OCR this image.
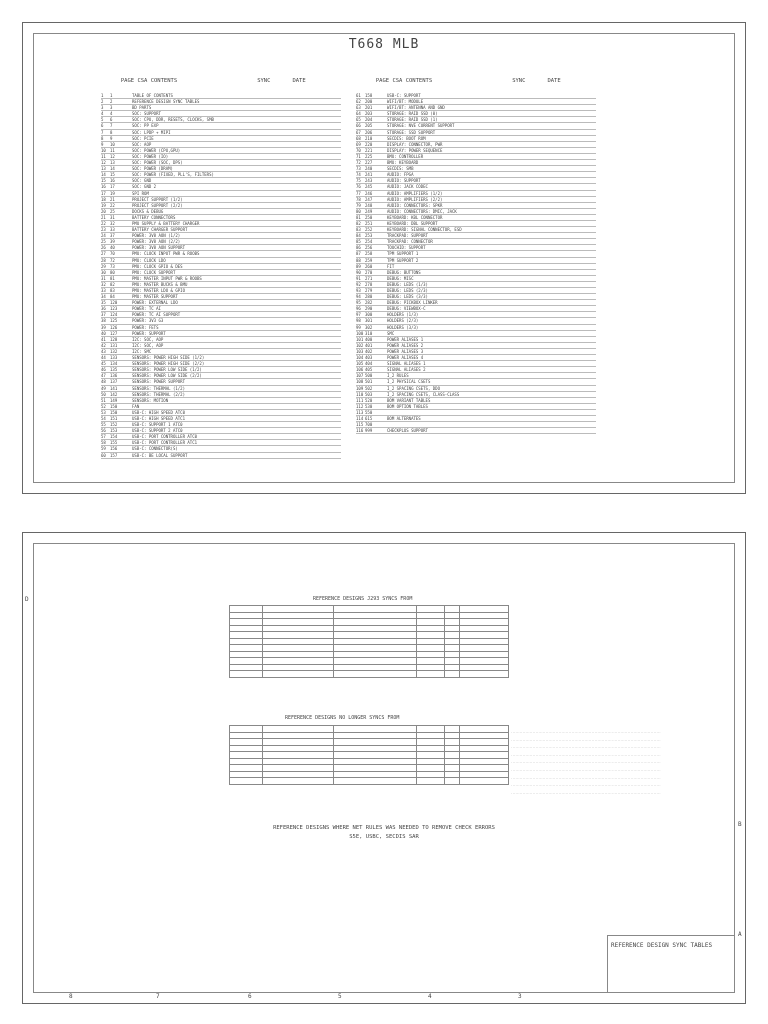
T668 MLB

PAGE CSA CONTENTS	SYNC	DATE

1	1	TABLE OF CONTENTS
2	2	REFERENCE DESIGN SYNC TABLES
3	3	BD PARTS
4	4	SOC: SUPPORT
5	6	SOC: CPU, DDR, RESETS, CLOCKS, SMB
6	7	SOC: PP EXP
7	8	SOC: LPDP + MIPI
8	9	SOC: PCIE
9	10	SOC: AOP
10	11	SOC: POWER (CPU,GPU)
11	12	SOC: POWER (IO)
12	13	SOC: POWER (SOC, DPS)
13	14	SOC: POWER (DRAM)
14	15	SOC: POWER (FIXED, PLL'S, FILTERS)
15	16	SOC: GND
16	17	SOC: GND 2
17	19	SPI ROM
18	21	PROJECT SUPPORT (1/2)
19	22	PROJECT SUPPORT (2/2)
20	25	DOCKS & DEBUG
21	31	BATTERY CONNECTORS
22	32	PMU SUPPLY & BATTERY CHARGER
23	33	BATTERY CHARGER SUPPORT
24	37	POWER: 3V8 AON (1/2)
25	39	POWER: 3V8 AON (2/2)
26	40	POWER: 3V8 AON SUPPORT
27	70	PMU: CLOCK INPUT PWR & ROOBS
28	72	PMU: CLOCK LDO
29	73	PMU: CLOCK GPIO & DES
30	80	PMU: CLOCK SUPPORT
31	81	PMU: MASTER INPUT PWR & ROOBS
32	82	PMU: MASTER BUCKS & BMU
33	83	PMU: MASTER LDO & GPIO
34	84	PMU: MASTER SUPPORT
35	120	POWER: EXTERNAL LDO
36	123	POWER: TC AI
37	124	POWER: TC AI SUPPORT
38	125	POWER: 3V3 G3
39	126	POWER: FETS
40	127	POWER: SUPPORT
41	128	I2C: SOC, AOP
42	131	I2C: SOC, AOP
43	132	I2C: SMC
44	133	SENSORS: POWER HIGH SIDE (1/2)
45	134	SENSORS: POWER HIGH SIDE (2/2)
46	135	SENSORS: POWER LOW SIDE (1/2)
47	136	SENSORS: POWER LOW SIDE (2/2)
48	137	SENSORS: POWER SUPPORT
49	141	SENSORS: THERMAL (1/2)
50	142	SENSORS: THERMAL (2/2)
51	149	SENSORS: MOTION
52	150	FAN
53	150	USB-C: HIGH SPEED ATC0
54	151	USB-C: HIGH SPEED ATC1
55	152	USB-C: SUPPORT 1 ATC0
56	153	USB-C: SUPPORT 2 ATC0
57	154	USB-C: PORT CONTROLLER ATC0
58	155	USB-C: PORT CONTROLLER ATC1
59	156	USB-C: CONNECTOR(S)
60	157	USB-C: BE LOCAL SUPPORT

PAGE CSA CONTENTS	SYNC	DATE

61	158	USB-C: SUPPORT
62	200	WIFI/BT: MODULE
63	201	WIFI/BT: ANTENNA AND GND
64	203	STORAGE: RAID SSD (0)
65	204	STORAGE: RAID SSD (1)
66	205	STORAGE: NVE CURRENT SUPPORT
67	206	STORAGE: SSD SUPPORT
68	210	SECDIS: BOOT ROM
69	220	DISPLAY: CONNECTOR, PWR
70	221	DISPLAY: POWER SEQUENCE
71	225	BMU: CONTROLLER
72	227	BMU: KEYBOARD
73	240	SECDIS: SMB
74	241	AUDIO: FPGA
75	243	AUDIO: SUPPORT
76	245	AUDIO: JACK CODEC
77	246	AUDIO: AMPLIFIERS (1/2)
78	247	AUDIO: AMPLIFIERS (2/2)
79	248	AUDIO: CONNECTORS: SPKR
80	249	AUDIO: CONNECTORS: DMIC, JACK
81	250	KEYBOARD: KBL CONNECTOR
82	251	KEYBOARD: DBL SUPPORT
83	252	KEYBOARD: SIGNAL CONNECTOR, ESD
84	253	TRACKPAD: SUPPORT
85	254	TRACKPAD: CONNECTOR
86	256	TOUCHID: SUPPORT
87	258	TPM SUPPORT 1
88	259	TPM SUPPORT 2
89	260	FIT
90	270	DEBUG: BUTTONS
91	271	DEBUG: MISC
92	278	DEBUG: LEDS (1/3)
93	279	DEBUG: LEDS (2/3)
94	280	DEBUG: LEDS (3/3)
95	282	DEBUG: PICKBOX LINKER
96	290	DEBUG: VIEWBOX-C
97	300	HOLDERS (1/3)
98	301	HOLDERS (2/3)
99	302	HOLDERS (3/3)
100 310	SMC
101 400	POWER ALIASES 1
102 401	POWER ALIASES 2
103 402	POWER ALIASES 3
104 403	POWER ALIASES 4
105 404	SIGNAL ALIASES 1
106 405	SIGNAL ALIASES 2
107 500	I_2 RULES
108 501	I_2 PHYSICAL CSETS
109 502	I_2 SPACING CSETS, DDO
110 503	I_2 SPACING CSETS, CLASS-CLASS
111 520	BOM VARIANT TABLES
112 530	BOM OPTION TABLES
113 550
114 615	BOM ALTERNATES
115 700
116 999	CHECKPLUS SUPPORT
REFERENCE DESIGNS J293 SYNCS FROM

REFERENCE DESIGNS NO LONGER SYNCS FROM

........................................................................................................
........................................................................................................
........................................................................................................
........................................................................................................
........................................................................................................
........................................................................................................
........................................................................................................
........................................................................................................
........................................................................................................
REFERENCE DESIGNS WHERE NET RULES WAS NEEDED TO REMOVE CHECK ERRORS
S5E, USBC, SECDIS SAR
D
B
A
8	7	6	5	4	3
REFERENCE DESIGN SYNC TABLES
